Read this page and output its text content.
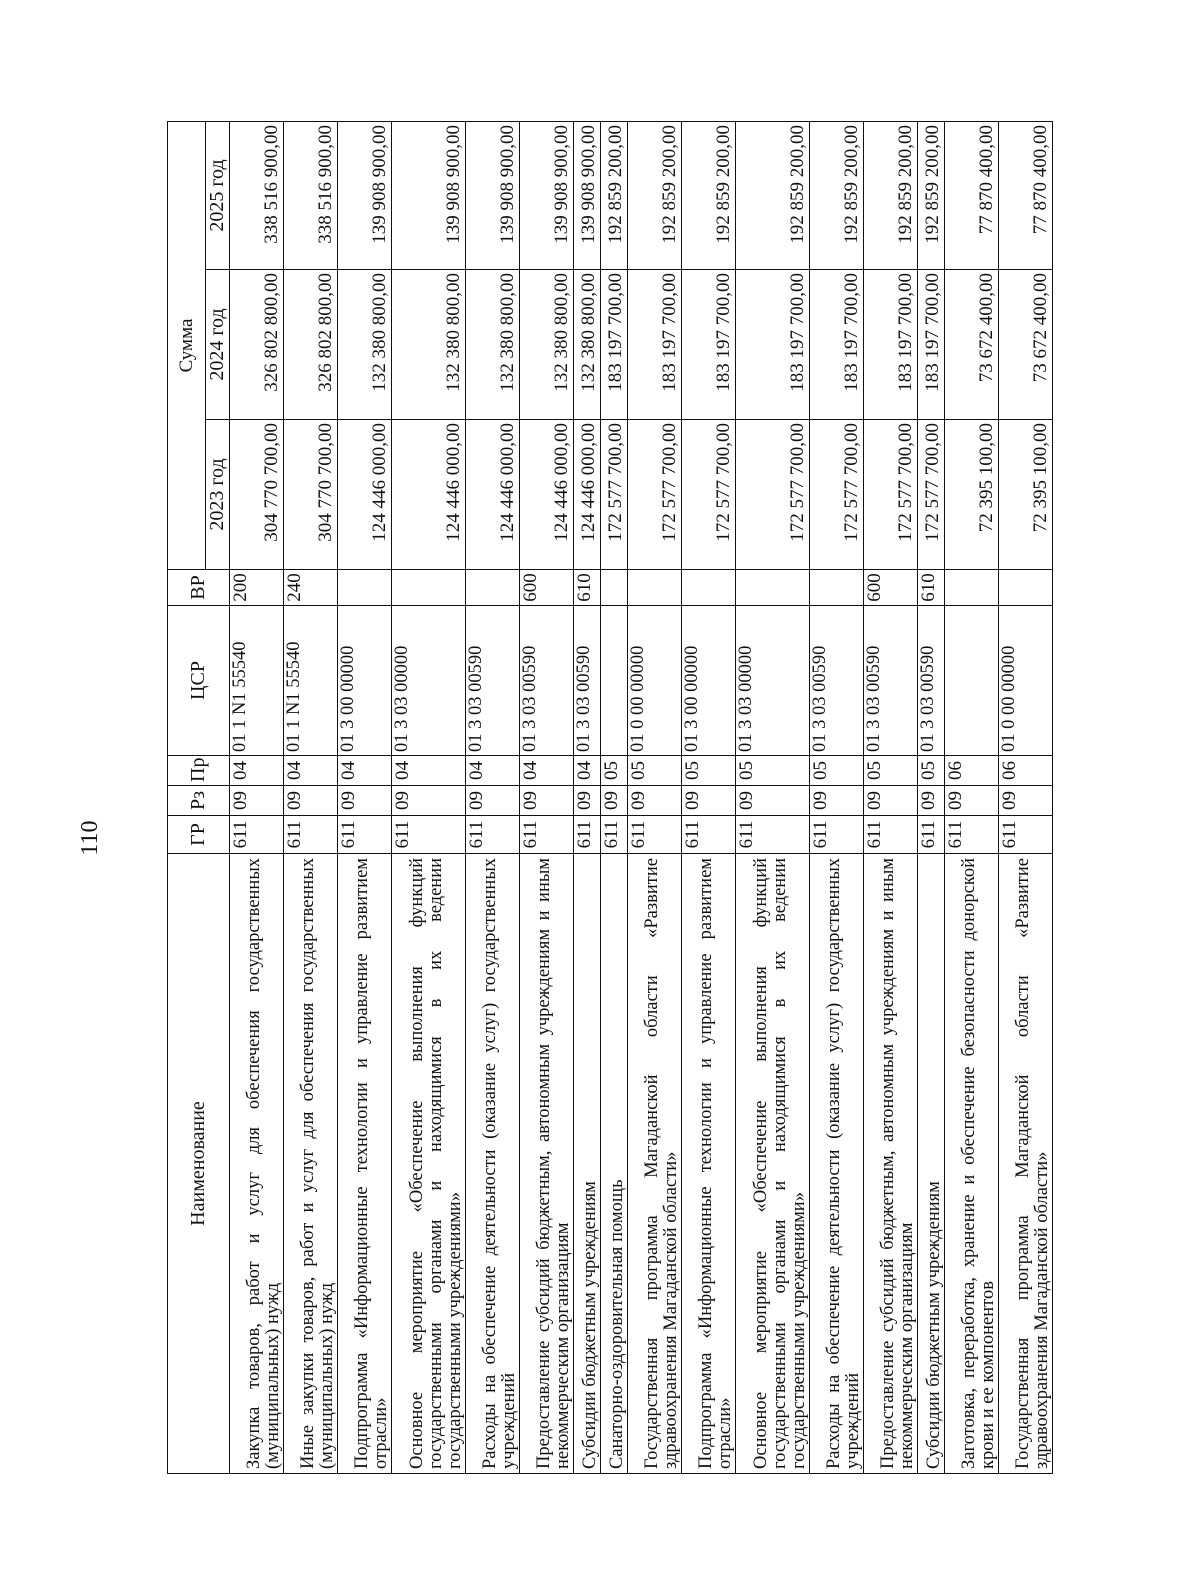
110
Наименование	ГР	Рз	Пр	ЦСР	ВР	Сумма		
						2023 год	2024 год	2025 год
Закупка товаров, работ и услуг для обеспечения государственных (муниципальных) нужд	611	09	04	01 1 N1 55540	200	304 770 700,00	326 802 800,00	338 516 900,00
Иные закупки товаров, работ и услуг для обеспечения государственных (муниципальных) нужд	611	09	04	01 1 N1 55540	240	304 770 700,00	326 802 800,00	338 516 900,00
Подпрограмма «Информационные технологии и управление развитием отрасли»	611	09	04	01 3 00 00000		124 446 000,00	132 380 800,00	139 908 900,00
Основное мероприятие «Обеспечение выполнения функций государственными органами и находящимися в их ведении государственными учреждениями»	611	09	04	01 3 03 00000		124 446 000,00	132 380 800,00	139 908 900,00
Расходы на обеспечение деятельности (оказание услуг) государственных учреждений	611	09	04	01 3 03 00590		124 446 000,00	132 380 800,00	139 908 900,00
Предоставление субсидий бюджетным, автономным учреждениям и иным некоммерческим организациям	611	09	04	01 3 03 00590	600	124 446 000,00	132 380 800,00	139 908 900,00
Субсидии бюджетным учреждениям	611	09	04	01 3 03 00590	610	124 446 000,00	132 380 800,00	139 908 900,00
Санаторно-оздоровительная помощь	611	09	05			172 577 700,00	183 197 700,00	192 859 200,00
Государственная программа Магаданской области «Развитие здравоохранения Магаданской области»	611	09	05	01 0 00 00000		172 577 700,00	183 197 700,00	192 859 200,00
Подпрограмма «Информационные технологии и управление развитием отрасли»	611	09	05	01 3 00 00000		172 577 700,00	183 197 700,00	192 859 200,00
Основное мероприятие «Обеспечение выполнения функций государственными органами и находящимися в их ведении государственными учреждениями»	611	09	05	01 3 03 00000		172 577 700,00	183 197 700,00	192 859 200,00
Расходы на обеспечение деятельности (оказание услуг) государственных учреждений	611	09	05	01 3 03 00590		172 577 700,00	183 197 700,00	192 859 200,00
Предоставление субсидий бюджетным, автономным учреждениям и иным некоммерческим организациям	611	09	05	01 3 03 00590	600	172 577 700,00	183 197 700,00	192 859 200,00
Субсидии бюджетным учреждениям	611	09	05	01 3 03 00590	610	172 577 700,00	183 197 700,00	192 859 200,00
Заготовка, переработка, хранение и обеспечение безопасности донорской крови и ее компонентов	611	09	06			72 395 100,00	73 672 400,00	77 870 400,00
Государственная программа Магаданской области «Развитие здравоохранения Магаданской области»	611	09	06	01 0 00 00000		72 395 100,00	73 672 400,00	77 870 400,00
